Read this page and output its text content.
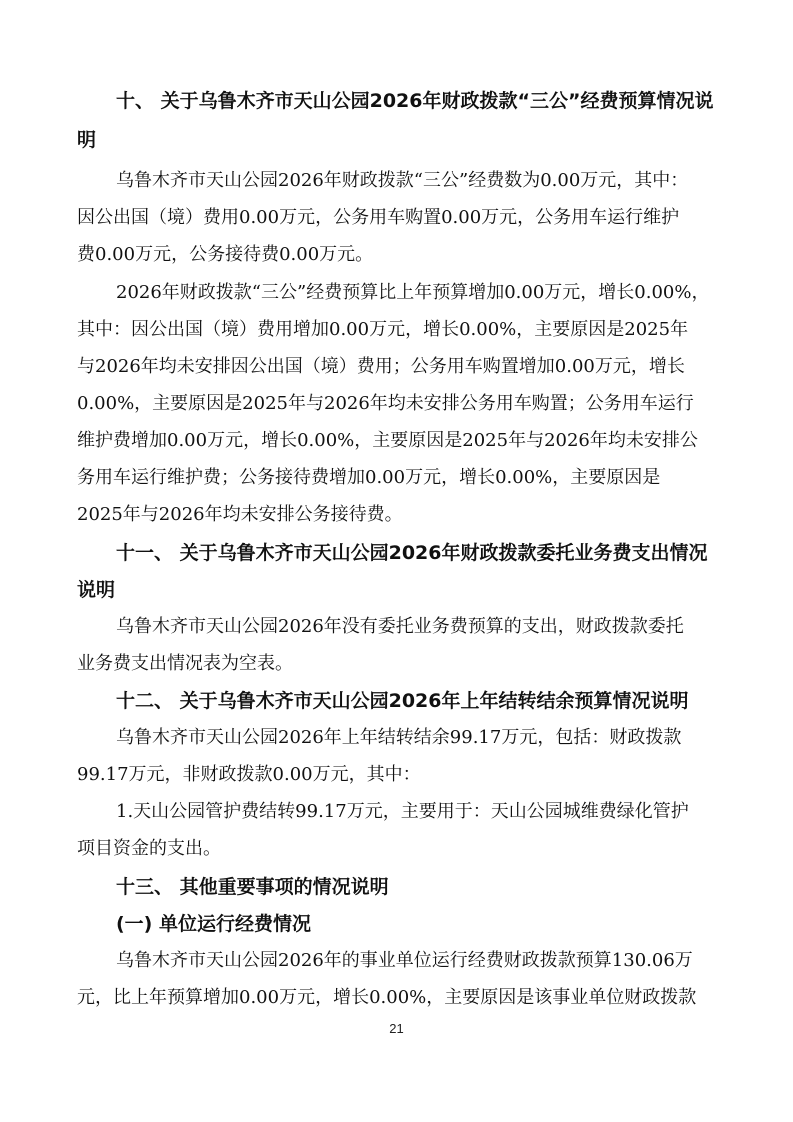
十、 关于乌鲁木齐市天山公园2026年财政拨款“三公”经费预算情况说
明
乌鲁木齐市天山公园2026年财政拨款“三公”经费数为0.00万元，其中：
因公出国（境）费用0.00万元，公务用车购置0.00万元，公务用车运行维护
费0.00万元，公务接待费0.00万元。
2026年财政拨款“三公”经费预算比上年预算增加0.00万元，增长0.00%，
其中：因公出国（境）费用增加0.00万元，增长0.00%，主要原因是2025年
与2026年均未安排因公出国（境）费用；公务用车购置增加0.00万元，增长
0.00%，主要原因是2025年与2026年均未安排公务用车购置；公务用车运行
维护费增加0.00万元，增长0.00%，主要原因是2025年与2026年均未安排公
务用车运行维护费；公务接待费增加0.00万元，增长0.00%，主要原因是
2025年与2026年均未安排公务接待费。
十一、 关于乌鲁木齐市天山公园2026年财政拨款委托业务费支出情况
说明
乌鲁木齐市天山公园2026年没有委托业务费预算的支出，财政拨款委托
业务费支出情况表为空表。
十二、 关于乌鲁木齐市天山公园2026年上年结转结余预算情况说明
乌鲁木齐市天山公园2026年上年结转结余99.17万元，包括：财政拨款
99.17万元，非财政拨款0.00万元，其中：
1.天山公园管护费结转99.17万元，主要用于：天山公园城维费绿化管护
项目资金的支出。
十三、 其他重要事项的情况说明
(一) 单位运行经费情况
乌鲁木齐市天山公园2026年的事业单位运行经费财政拨款预算130.06万
元，比上年预算增加0.00万元，增长0.00%，主要原因是该事业单位财政拨款
21
